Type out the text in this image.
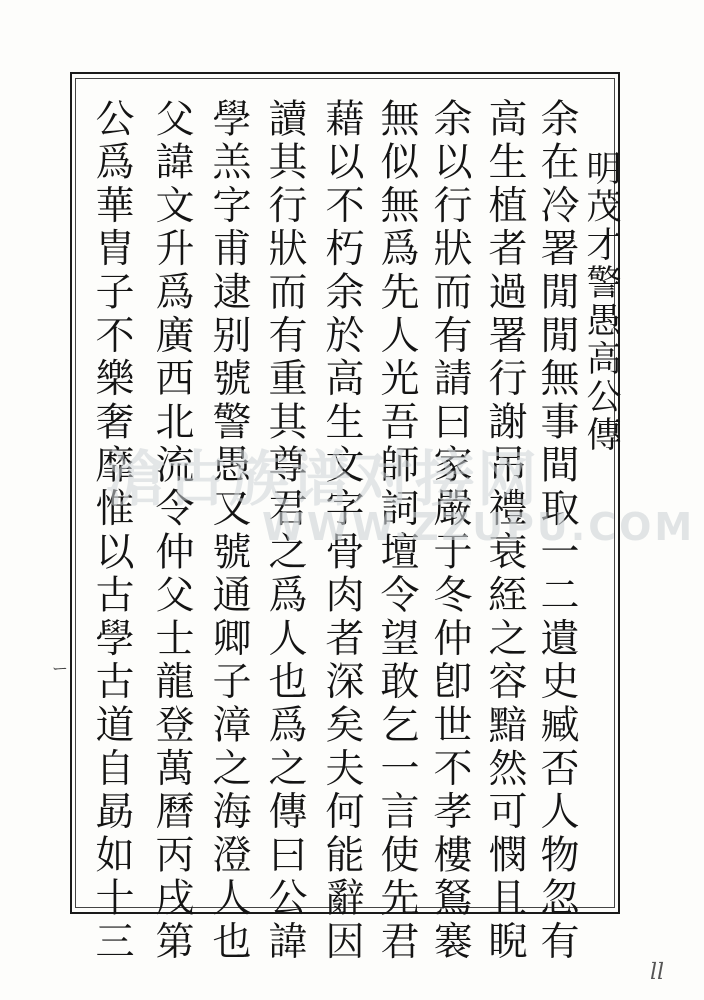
明茂才警愚高公傳
余在冷署閒閒無事間取一二遺史臧否人物忽有
高生植者過署行謝吊禮衰絰之容黯然可憫且睨
余以行狀而有請曰家嚴于冬仲卽世不孝樓鴑褰
無似無爲先人光吾師詞壇令望敢乞一言使先君
藉以不朽余於高生文字骨肉者深矣夫何能辭因
讀其行狀而有重其尊君之爲人也爲之傳曰公諱
學羔字甫逮别號警愚又號通卿子漳之海澄人也
父諱文升爲廣西北流令仲父士龍登萬曆丙戌第
公爲華胄子不樂奢靡惟以古學古道自勗如十三
滄古族谱对接网
WWW.ZZUPU.COM
ー
ll
